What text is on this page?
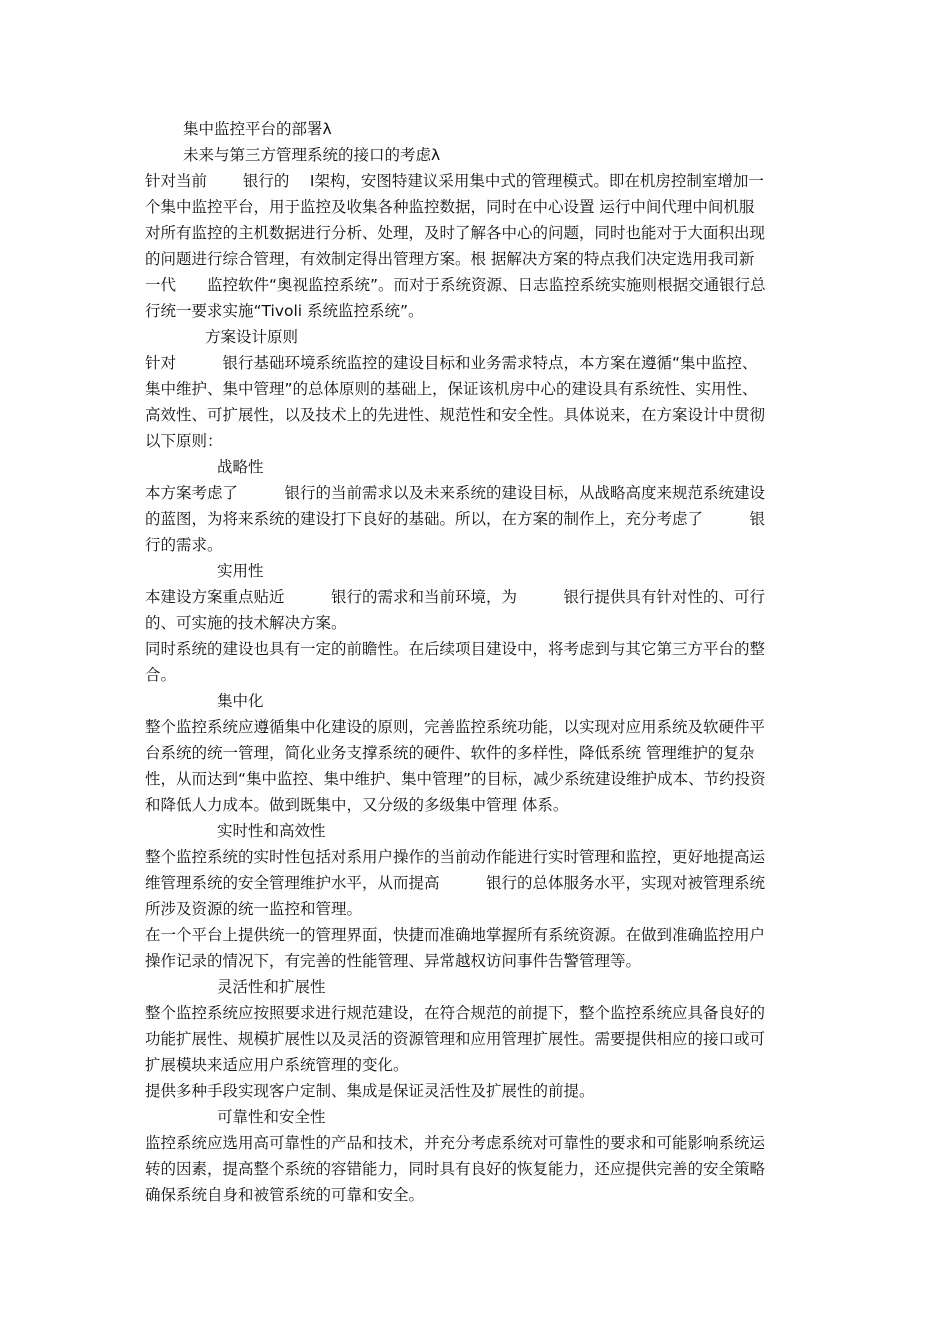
集中监控平台的部署λ
未来与第三方管理系统的接口的考虑λ
针对当前　　 银行的　 I架构，安图特建议采用集中式的管理模式。即在机房控制室增加一
个集中监控平台，用于监控及收集各种监控数据，同时在中心设置 运行中间代理中间机服
对所有监控的主机数据进行分析、处理，及时了解各中心的问题，同时也能对于大面积出现
的问题进行综合管理，有效制定得出管理方案。根 据解决方案的特点我们决定选用我司新
一代　　监控软件“奥视监控系统”。而对于系统资源、日志监控系统实施则根据交通银行总
行统一要求实施“Tivoli 系统监控系统”。
方案设计原则
针对　　　银行基础环境系统监控的建设目标和业务需求特点，本方案在遵循“集中监控、
集中维护、集中管理”的总体原则的基础上，保证该机房中心的建设具有系统性、实用性、
高效性、可扩展性，以及技术上的先进性、规范性和安全性。具体说来，在方案设计中贯彻
以下原则：
战略性
本方案考虑了　　　银行的当前需求以及未来系统的建设目标，从战略高度来规范系统建设
的蓝图，为将来系统的建设打下良好的基础。所以，在方案的制作上，充分考虑了　　　银
行的需求。
实用性
本建设方案重点贴近　　　银行的需求和当前环境，为　　　银行提供具有针对性的、可行
的、可实施的技术解决方案。
同时系统的建设也具有一定的前瞻性。在后续项目建设中，将考虑到与其它第三方平台的整
合。
集中化
整个监控系统应遵循集中化建设的原则，完善监控系统功能，以实现对应用系统及软硬件平
台系统的统一管理，简化业务支撑系统的硬件、软件的多样性，降低系统 管理维护的复杂
性，从而达到“集中监控、集中维护、集中管理”的目标，减少系统建设维护成本、节约投资
和降低人力成本。做到既集中，又分级的多级集中管理 体系。
实时性和高效性
整个监控系统的实时性包括对系用户操作的当前动作能进行实时管理和监控，更好地提高运
维管理系统的安全管理维护水平，从而提高　　　银行的总体服务水平，实现对被管理系统
所涉及资源的统一监控和管理。
在一个平台上提供统一的管理界面，快捷而准确地掌握所有系统资源。在做到准确监控用户
操作记录的情况下，有完善的性能管理、异常越权访问事件告警管理等。
灵活性和扩展性
整个监控系统应按照要求进行规范建设，在符合规范的前提下，整个监控系统应具备良好的
功能扩展性、规模扩展性以及灵活的资源管理和应用管理扩展性。需要提供相应的接口或可
扩展模块来适应用户系统管理的变化。
提供多种手段实现客户定制、集成是保证灵活性及扩展性的前提。
可靠性和安全性
监控系统应选用高可靠性的产品和技术，并充分考虑系统对可靠性的要求和可能影响系统运
转的因素，提高整个系统的容错能力，同时具有良好的恢复能力，还应提供完善的安全策略
确保系统自身和被管系统的可靠和安全。
